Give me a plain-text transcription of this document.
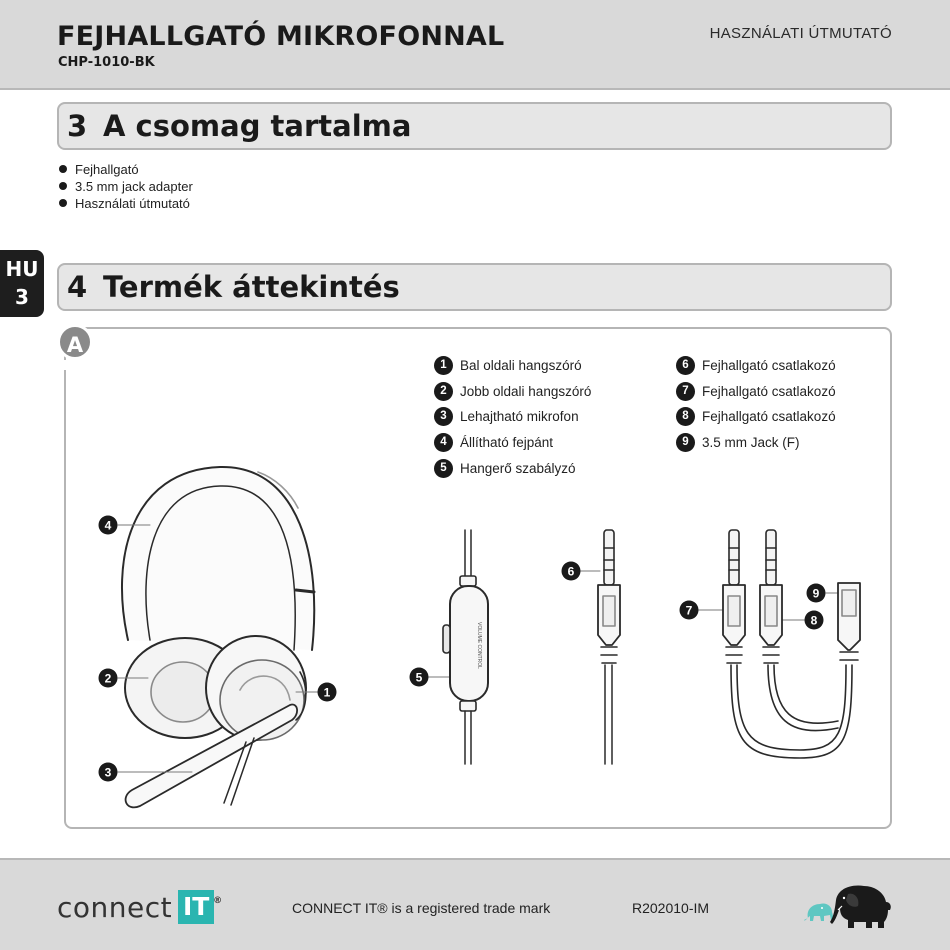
FEJHALLGATÓ MIKROFONNAL
CHP-1010-BK
HASZNÁLATI ÚTMUTATÓ
HU
3
3 A csomag tartalma
Fejhallgató
3.5 mm jack adapter
Használati útmutató
4 Termék áttekintés
A
1 Bal oldali hangszóró
2 Jobb oldali hangszóró
3 Lehajtható mikrofon
4 Állítható fejpánt
5 Hangerő szabályzó
6 Fejhallgató csatlakozó
7 Fejhallgató csatlakozó
8 Fejhallgató csatlakozó
9 3.5 mm Jack (F)
VOLUME CONTROL
4
2
3
1
5
6
7
8
9
connect IT ®	CONNECT IT® is a registered trade mark	R202010-IM
